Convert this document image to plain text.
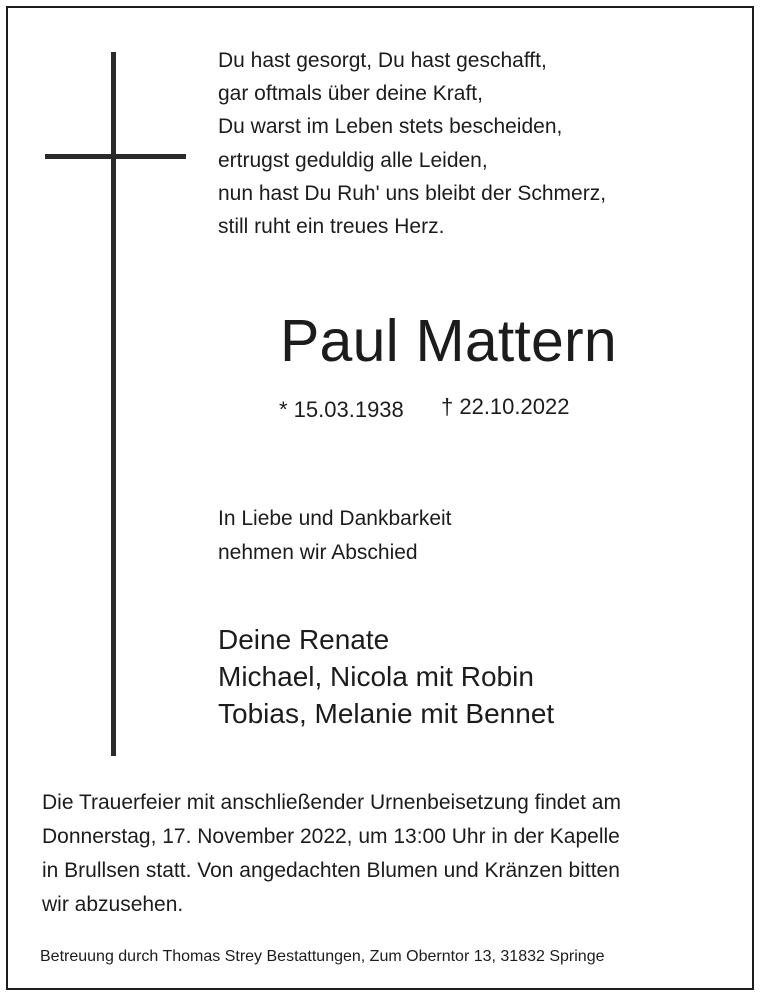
Du hast gesorgt, Du hast geschafft,
gar oftmals über deine Kraft,
Du warst im Leben stets bescheiden,
ertrugst geduldig alle Leiden,
nun hast Du Ruh' uns bleibt der Schmerz,
still ruht ein treues Herz.
Paul Mattern
* 15.03.1938 † 22.10.2022
In Liebe und Dankbarkeit
nehmen wir Abschied
Deine Renate
Michael, Nicola mit Robin
Tobias, Melanie mit Bennet
Die Trauerfeier mit anschließender Urnenbeisetzung findet am
Donnerstag, 17. November 2022, um 13:00 Uhr in der Kapelle
in Brullsen statt. Von angedachten Blumen und Kränzen bitten
wir abzusehen.
Betreuung durch Thomas Strey Bestattungen, Zum Oberntor 13, 31832 Springe
